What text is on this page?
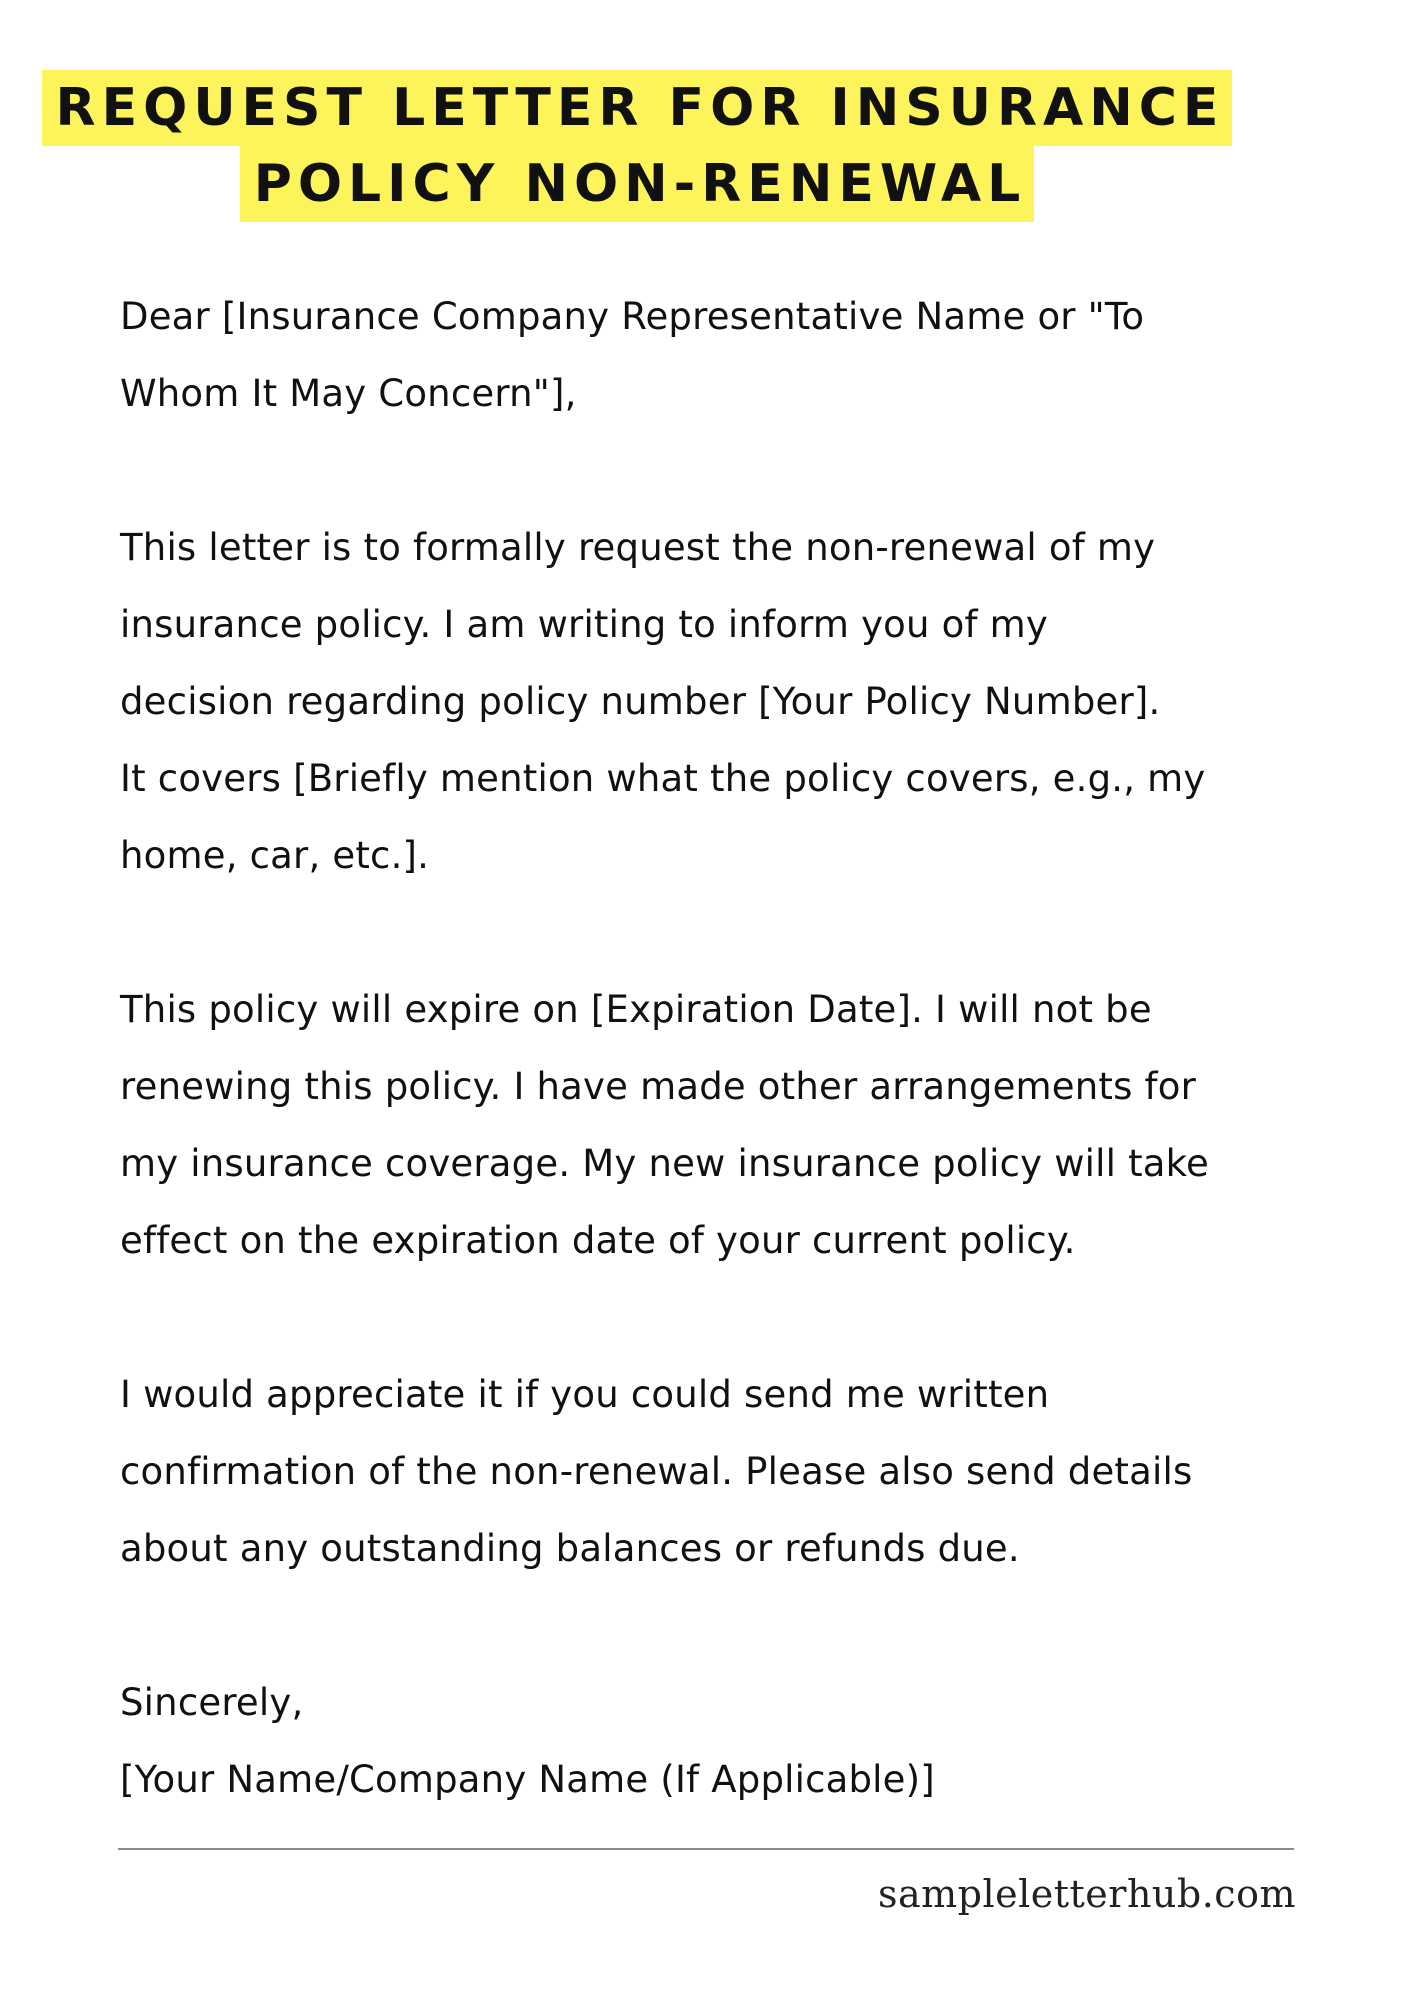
REQUEST LETTER FOR INSURANCE
POLICY NON-RENEWAL

Dear [Insurance Company Representative Name or "To
Whom It May Concern"],

This letter is to formally request the non-renewal of my
insurance policy. I am writing to inform you of my
decision regarding policy number [Your Policy Number].
It covers [Briefly mention what the policy covers, e.g., my
home, car, etc.].

This policy will expire on [Expiration Date]. I will not be
renewing this policy. I have made other arrangements for
my insurance coverage. My new insurance policy will take
effect on the expiration date of your current policy.

I would appreciate it if you could send me written
confirmation of the non-renewal. Please also send details
about any outstanding balances or refunds due.

Sincerely,
[Your Name/Company Name (If Applicable)]

sampleletterhub.com
